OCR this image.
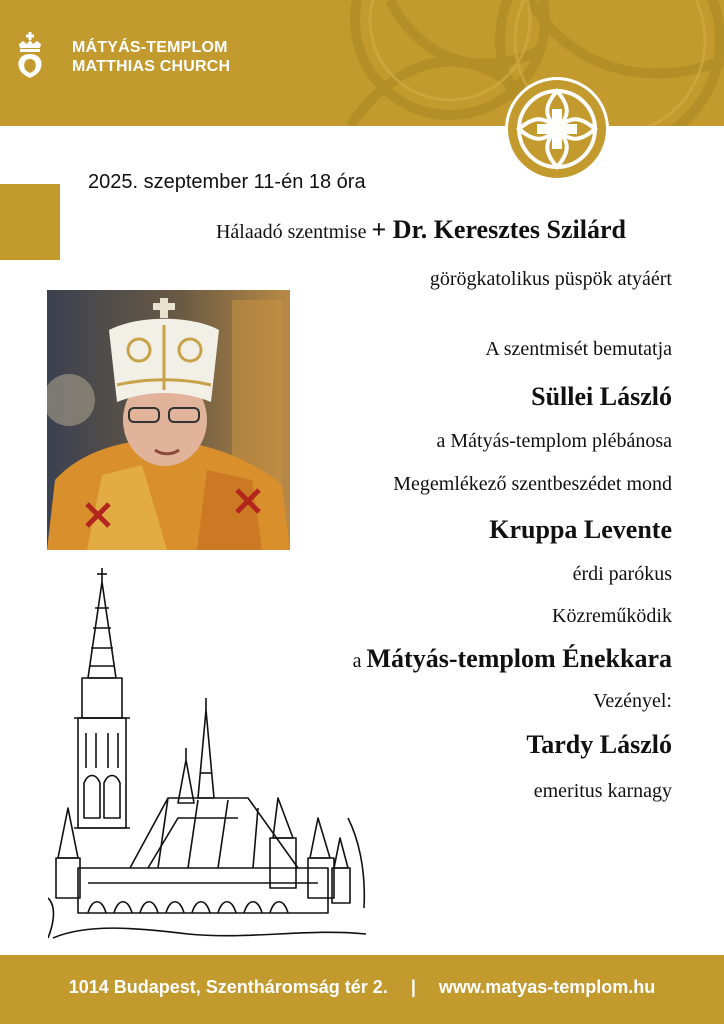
MÁTYÁS-TEMPLOM
MATTHIAS CHURCH
2025. szeptember 11-én 18 óra
Hálaadó szentmise + Dr. Keresztes Szilárd
görögkatolikus püspök atyáért
A szentmisét bemutatja
Süllei László
a Mátyás-templom plébánosa
Megemlékező szentbeszédet mond
Kruppa Levente
érdi parókus
Közreműködik
a Mátyás-templom Énekkara
Vezényel:
Tardy László
emeritus karnagy
1014 Budapest, Szentháromság tér 2. | www.matyas-templom.hu
